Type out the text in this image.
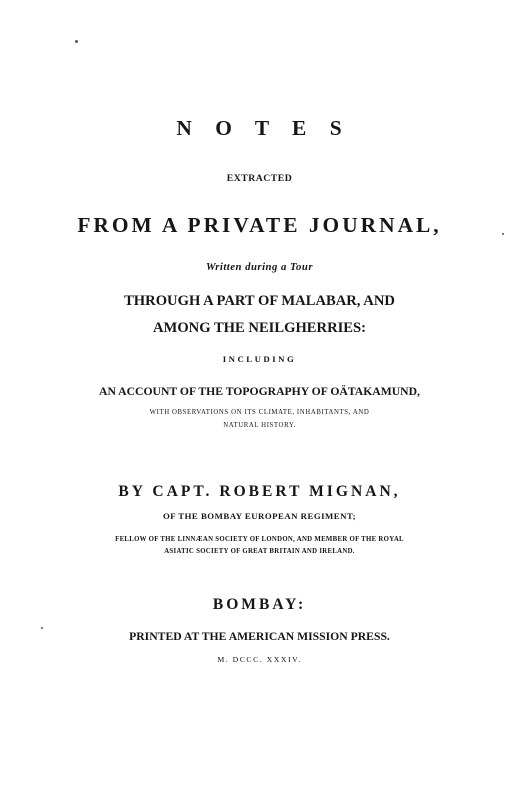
N O T E S
EXTRACTED
FROM A PRIVATE JOURNAL,
Written during a Tour
THROUGH A PART OF MALABAR, AND
AMONG THE NEILGHERRIES:
INCLUDING
AN ACCOUNT OF THE TOPOGRAPHY OF OÄTAKAMUND,
WITH OBSERVATIONS ON ITS CLIMATE, INHABITANTS, AND
NATURAL HISTORY.
BY CAPT. ROBERT MIGNAN,
OF THE BOMBAY EUROPEAN REGIMENT;
FELLOW OF THE LINNÆAN SOCIETY OF LONDON, AND MEMBER OF THE ROYAL
ASIATIC SOCIETY OF GREAT BRITAIN AND IRELAND.
BOMBAY:
PRINTED AT THE AMERICAN MISSION PRESS.
M. DCCC. XXXIV.
